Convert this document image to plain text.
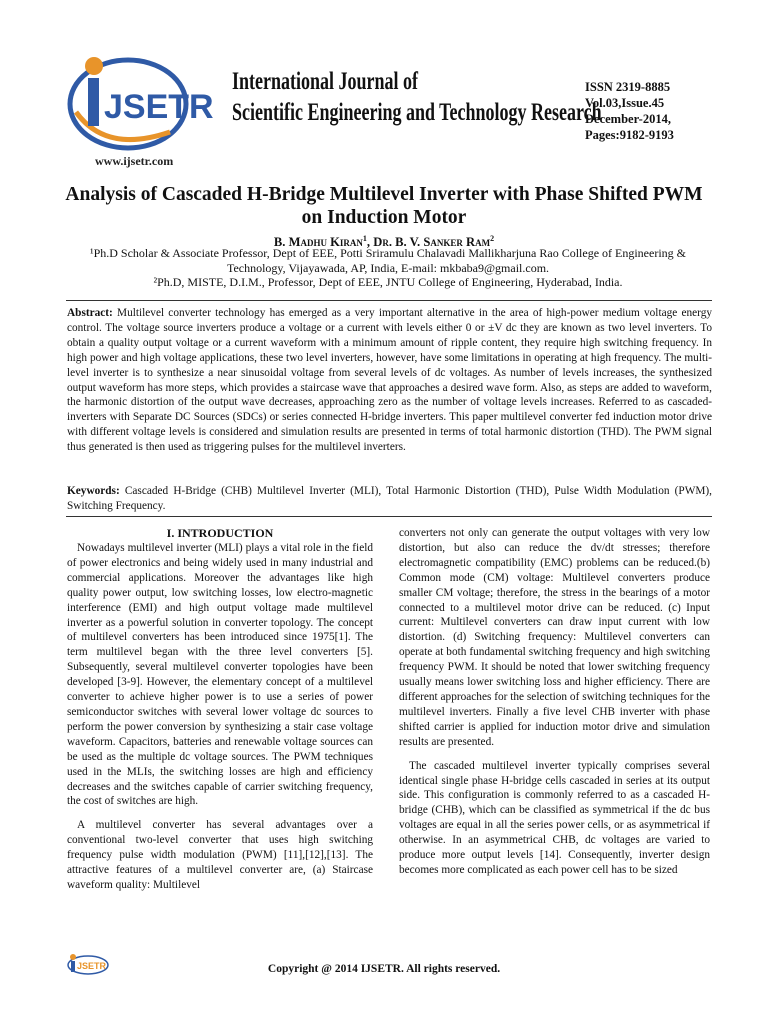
JSETR
www.ijsetr.com
International Journal of
Scientific Engineering and Technology Research
ISSN 2319-8885
Vol.03,Issue.45
December-2014,
Pages:9182-9193
Analysis of Cascaded H-Bridge Multilevel Inverter with Phase Shifted PWM on Induction Motor
B. Madhu Kiran$^1$, Dr. B. V. Sanker Ram$^2$
¹Ph.D Scholar & Associate Professor, Dept of EEE, Potti Sriramulu Chalavadi Mallikharjuna Rao College of Engineering & Technology, Vijayawada, AP, India, E-mail: mkbaba9@gmail.com.
²Ph.D, MISTE, D.I.M., Professor, Dept of EEE, JNTU College of Engineering, Hyderabad, India.
Abstract: Multilevel converter technology has emerged as a very important alternative in the area of high-power medium voltage energy control. The voltage source inverters produce a voltage or a current with levels either 0 or ±V dc they are known as two level inverters. To obtain a quality output voltage or a current waveform with a minimum amount of ripple content, they require high switching frequency. In high power and high voltage applications, these two level inverters, however, have some limitations in operating at high frequency. The multi-level inverter is to synthesize a near sinusoidal voltage from several levels of dc voltages. As number of levels increases, the synthesized output waveform has more steps, which provides a staircase wave that approaches a desired wave form. Also, as steps are added to waveform, the harmonic distortion of the output wave decreases, approaching zero as the number of voltage levels increases. Referred to as cascaded-inverters with Separate DC Sources (SDCs) or series connected H-bridge inverters. This paper multilevel converter fed induction motor drive with different voltage levels is considered and simulation results are presented in terms of total harmonic distortion (THD). The PWM signal thus generated is then used as triggering pulses for the multilevel inverters.
Keywords: Cascaded H-Bridge (CHB) Multilevel Inverter (MLI), Total Harmonic Distortion (THD), Pulse Width Modulation (PWM), Switching Frequency.
I. INTRODUCTION

Nowadays multilevel inverter (MLI) plays a vital role in the field of power electronics and being widely used in many industrial and commercial applications. Moreover the advantages like high quality power output, low switching losses, low electro-magnetic interference (EMI) and high output voltage made multilevel inverter as a powerful solution in converter topology. The concept of multilevel converters has been introduced since 1975[1]. The term multilevel began with the three level converters [5]. Subsequently, several multilevel converter topologies have been developed [3-9]. However, the elementary concept of a multilevel converter to achieve higher power is to use a series of power semiconductor switches with several lower voltage dc sources to perform the power conversion by synthesizing a stair case voltage waveform. Capacitors, batteries and renewable voltage sources can be used as the multiple dc voltage sources. The PWM techniques used in the MLIs, the switching losses are high and efficiency decreases and the switches capable of carrier switching frequency, the cost of switches are high.

A multilevel converter has several advantages over a conventional two-level converter that uses high switching frequency pulse width modulation (PWM) [11],[12],[13]. The attractive features of a multilevel converter are, (a) Staircase waveform quality: Multilevel

converters not only can generate the output voltages with very low distortion, but also can reduce the dv/dt stresses; therefore electromagnetic compatibility (EMC) problems can be reduced.(b) Common mode (CM) voltage: Multilevel converters produce smaller CM voltage; therefore, the stress in the bearings of a motor connected to a multilevel motor drive can be reduced. (c) Input current: Multilevel converters can draw input current with low distortion. (d) Switching frequency: Multilevel converters can operate at both fundamental switching frequency and high switching frequency PWM. It should be noted that lower switching frequency usually means lower switching loss and higher efficiency. There are different approaches for the selection of switching techniques for the multilevel inverters. Finally a five level CHB inverter with phase shifted carrier is applied for induction motor drive and simulation results are presented.

The cascaded multilevel inverter typically comprises several identical single phase H-bridge cells cascaded in series at its output side. This configuration is commonly referred to as a cascaded H-bridge (CHB), which can be classified as symmetrical if the dc bus voltages are equal in all the series power cells, or as asymmetrical if otherwise. In an asymmetrical CHB, dc voltages are varied to produce more output levels [14]. Consequently, inverter design becomes more complicated as each power cell has to be sized

JSETR	Copyright @ 2014 IJSETR. All rights reserved.
